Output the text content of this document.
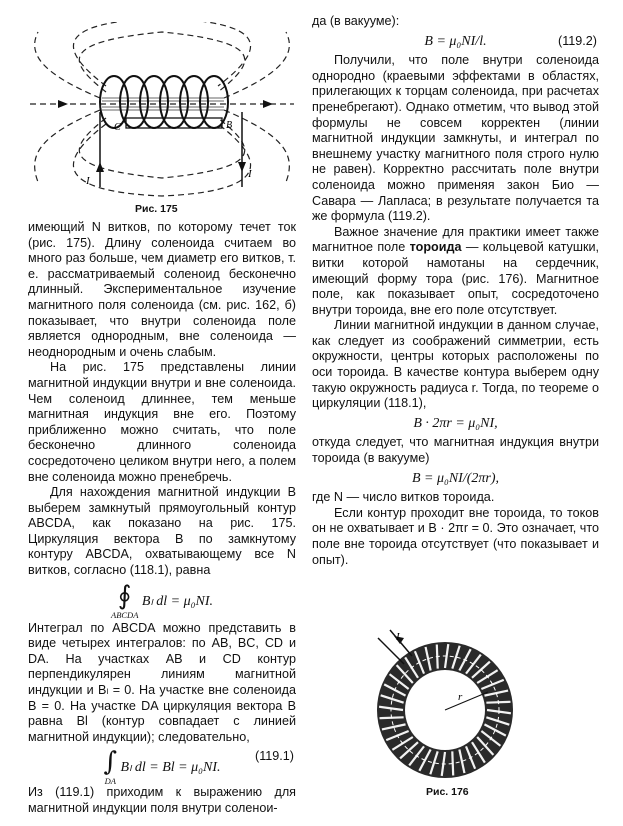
C	B
I
I
Рис. 175

имеющий N витков, по которому течет ток (рис. 175). Длину соленоида считаем во много раз больше, чем диаметр его витков, т. е. рассматриваемый соленоид бесконечно длинный. Экспериментальное изучение магнитного поля соленоида (см. рис. 162, б) показывает, что внутри соленоида поле является однородным, вне соленоида — неоднородным и очень слабым.

На рис. 175 представлены линии магнитной индукции внутри и вне соленоида. Чем соленоид длиннее, тем меньше магнитная индукция вне его. Поэтому приближенно можно считать, что поле бесконечно длинного соленоида сосредоточено целиком внутри него, а полем вне соленоида можно пренебречь.

Для нахождения магнитной индукции B выберем замкнутый прямоугольный контур ABCDA, как показано на рис. 175. Циркуляция вектора B по замкнутому контуру ABCDA, охватывающему все N витков, согласно (118.1), равна

∮
ABCDA
Bₗ dl = μ₀NI.

Интеграл по ABCDA можно представить в виде четырех интегралов: по AB, BC, CD и DA. На участках AB и CD контур перпендикулярен линиям магнитной индукции и Bₗ = 0. На участке вне соленоида B = 0. На участке DA циркуляция вектора B равна Bl (контур совпадает с линией магнитной индукции); следовательно,

∫
DA
Bₗ dl = Bl = μ₀NI.
(119.1)

Из (119.1) приходим к выражению для магнитной индукции поля внутри соленои-

да (в вакууме):

B = μ₀NI/l.	(119.2)

Получили, что поле внутри соленоида однородно (краевыми эффектами в областях, прилегающих к торцам соленоида, при расчетах пренебрегают). Однако отметим, что вывод этой формулы не совсем корректен (линии магнитной индукции замкнуты, и интеграл по внешнему участку магнитного поля строго нулю не равен). Корректно рассчитать поле внутри соленоида можно применяя закон Био — Савара — Лапласа; в результате получается та же формула (119.2).

Важное значение для практики имеет также магнитное поле тороида — кольцевой катушки, витки которой намотаны на сердечник, имеющий форму тора (рис. 176). Магнитное поле, как показывает опыт, сосредоточено внутри тороида, вне его поле отсутствует.

Линии магнитной индукции в данном случае, как следует из соображений симметрии, есть окружности, центры которых расположены по оси тороида. В качестве контура выберем одну такую окружность радиуса r. Тогда, по теореме о циркуляции (118.1),

B · 2πr = μ₀NI,

откуда следует, что магнитная индукция внутри тороида (в вакууме)

B = μ₀NI/(2πr),

где N — число витков тороида.

Если контур проходит вне тороида, то токов он не охватывает и B · 2πr = 0. Это означает, что поле вне тороида отсутствует (что показывает и опыт).

r
I
Рис. 176
